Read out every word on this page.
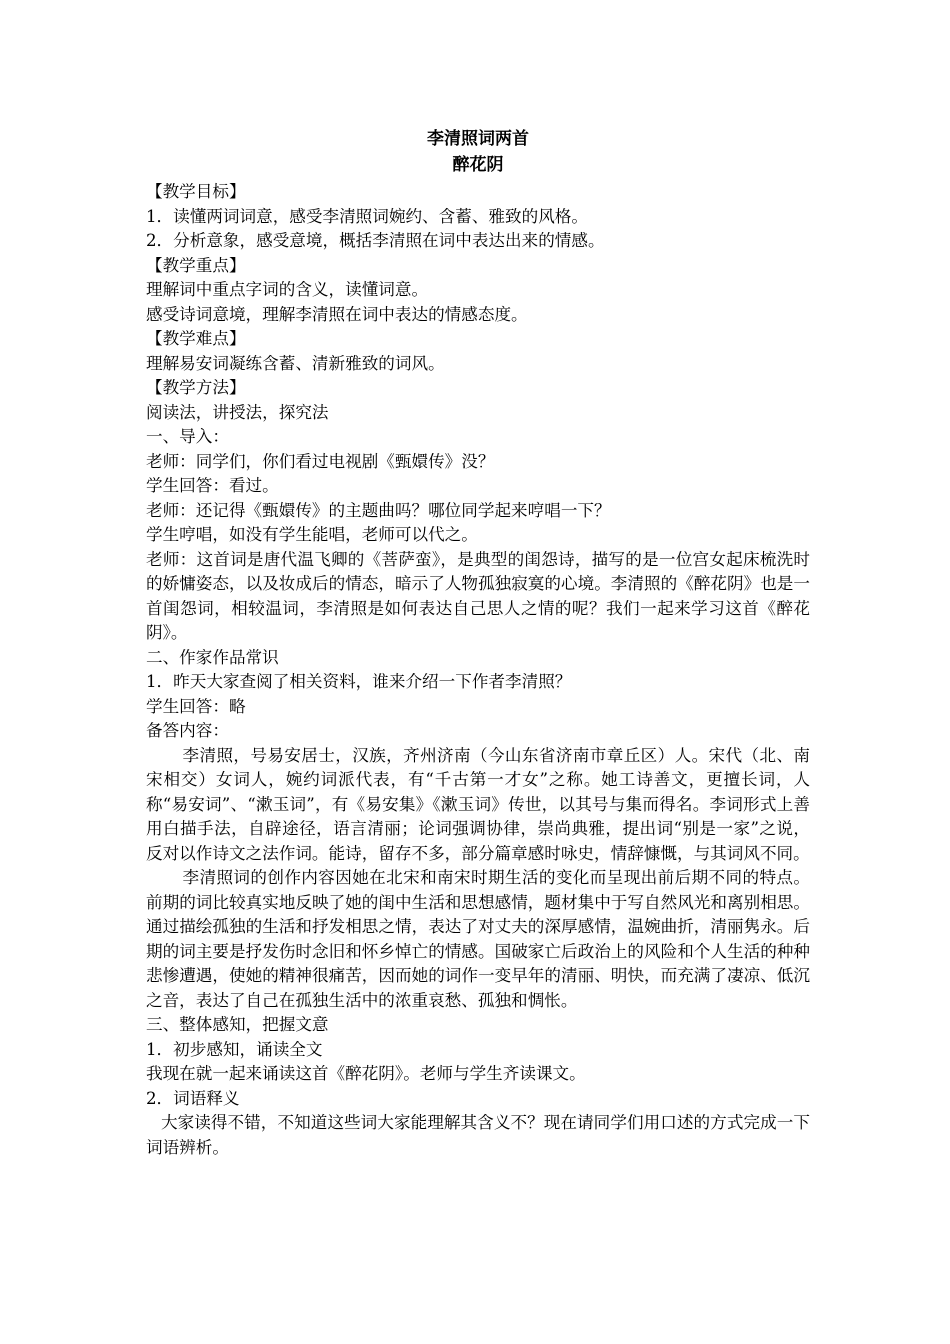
李清照词两首

醉花阴

【教学目标】

1．读懂两词词意，感受李清照词婉约、含蓄、雅致的风格。

2．分析意象，感受意境，概括李清照在词中表达出来的情感。

【教学重点】

理解词中重点字词的含义，读懂词意。

感受诗词意境，理解李清照在词中表达的情感态度。

【教学难点】

理解易安词凝练含蓄、清新雅致的词风。

【教学方法】

阅读法，讲授法，探究法

一、导入：

老师：同学们，你们看过电视剧《甄嬛传》没？

学生回答：看过。

老师：还记得《甄嬛传》的主题曲吗？哪位同学起来哼唱一下？

学生哼唱，如没有学生能唱，老师可以代之。

老师：这首词是唐代温飞卿的《菩萨蛮》，是典型的闺怨诗，描写的是一位宫女起床梳洗时的娇慵姿态，以及妆成后的情态，暗示了人物孤独寂寞的心境。李清照的《醉花阴》也是一首闺怨词，相较温词，李清照是如何表达自己思人之情的呢？我们一起来学习这首《醉花阴》。

二、作家作品常识

1．昨天大家查阅了相关资料，谁来介绍一下作者李清照？

学生回答：略

备答内容：

李清照，号易安居士，汉族，齐州济南（今山东省济南市章丘区）人。宋代（北、南宋相交）女词人，婉约词派代表，有“千古第一才女”之称。她工诗善文，更擅长词，人称“易安词”、“漱玉词”，有《易安集》《漱玉词》传世，以其号与集而得名。李词形式上善用白描手法，自辟途径，语言清丽；论词强调协律，崇尚典雅，提出词“别是一家”之说，反对以作诗文之法作词。能诗，留存不多，部分篇章感时咏史，情辞慷慨，与其词风不同。

李清照词的创作内容因她在北宋和南宋时期生活的变化而呈现出前后期不同的特点。前期的词比较真实地反映了她的闺中生活和思想感情，题材集中于写自然风光和离别相思。通过描绘孤独的生活和抒发相思之情，表达了对丈夫的深厚感情，温婉曲折，清丽隽永。后期的词主要是抒发伤时念旧和怀乡悼亡的情感。国破家亡后政治上的风险和个人生活的种种悲惨遭遇，使她的精神很痛苦，因而她的词作一变早年的清丽、明快，而充满了凄凉、低沉之音，表达了自己在孤独生活中的浓重哀愁、孤独和惆怅。

三、整体感知，把握文意

1．初步感知，诵读全文

我现在就一起来诵读这首《醉花阴》。老师与学生齐读课文。

2．词语释义

大家读得不错，不知道这些词大家能理解其含义不？现在请同学们用口述的方式完成一下词语辨析。
